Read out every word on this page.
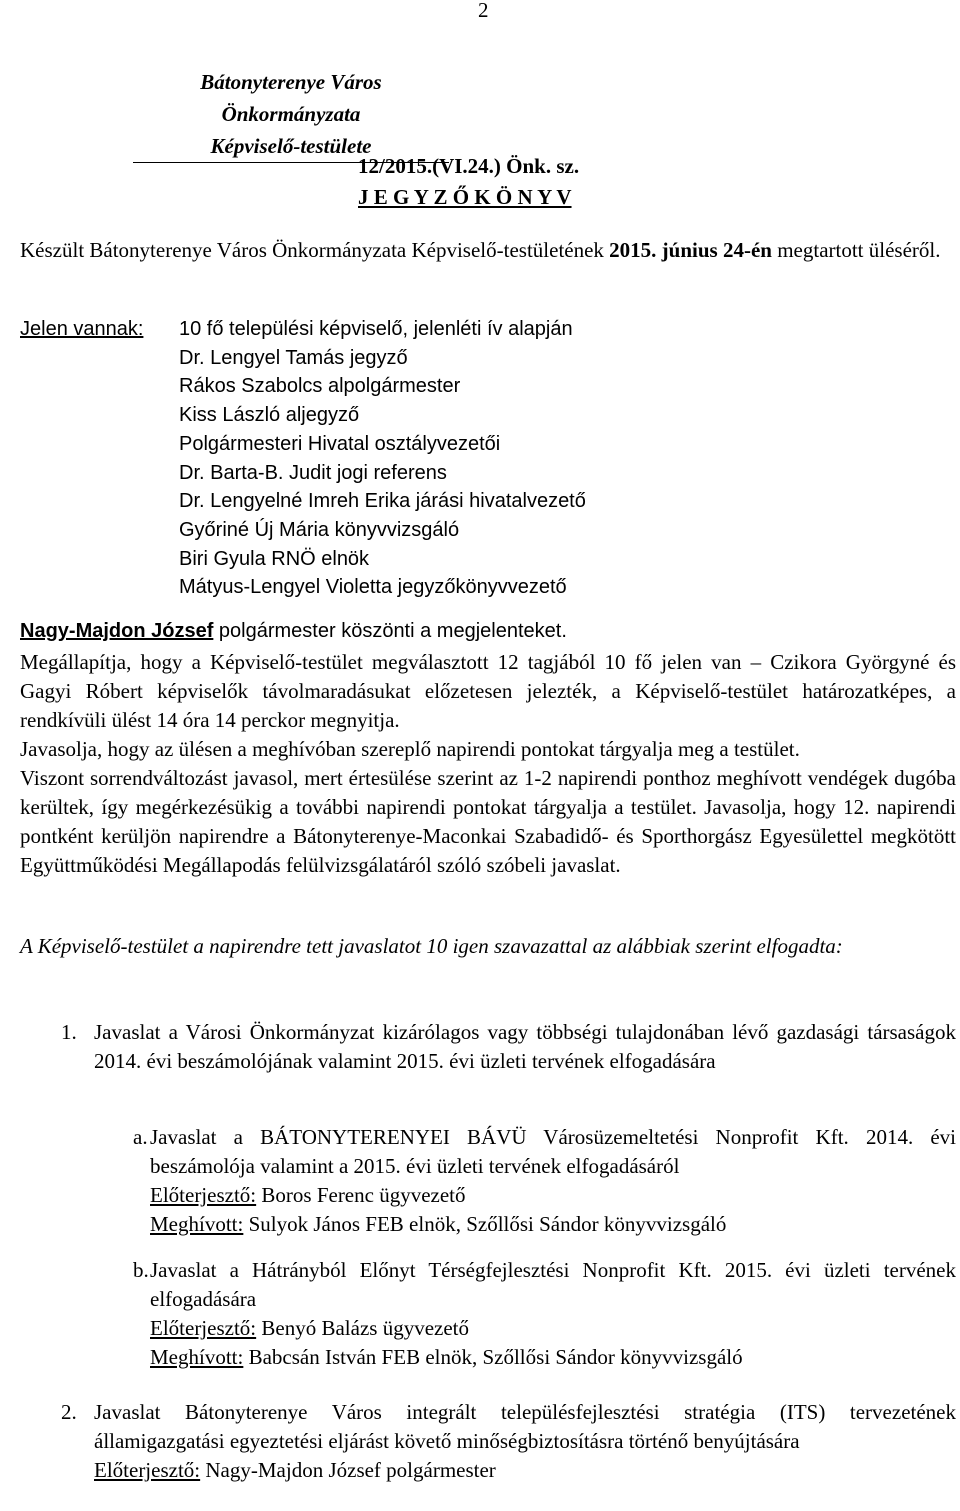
2
Bátonyterenye Város Önkormányzata
Képviselő-testülete
12/2015.(VI.24.) Önk. sz.
J E G Y Z Ő K Ö N Y V
Készült Bátonyterenye Város Önkormányzata Képviselő-testületének 2015. június 24-én megtartott üléséről.
Jelen vannak: 10 fő települési képviselő, jelenléti ív alapján
Dr. Lengyel Tamás jegyző
Rákos Szabolcs alpolgármester
Kiss László aljegyző
Polgármesteri Hivatal osztályvezetői
Dr. Barta-B. Judit jogi referens
Dr. Lengyelné Imreh Erika járási hivatalvezető
Győriné Új Mária könyvvizsgáló
Biri Gyula RNÖ elnök
Mátyus-Lengyel Violetta jegyzőkönyvvezető
Nagy-Majdon József polgármester köszönti a megjelenteket.
Megállapítja, hogy a Képviselő-testület megválasztott 12 tagjából 10 fő jelen van – Czikora Györgyné és Gagyi Róbert képviselők távolmaradásukat előzetesen jelezték, a Képviselő-testület határozatképes, a rendkívüli ülést 14 óra 14 perckor megnyitja.
Javasolja, hogy az ülésen a meghívóban szereplő napirendi pontokat tárgyalja meg a testület.
Viszont sorrendváltozást javasol, mert értesülése szerint az 1-2 napirendi ponthoz meghívott vendégek dugóba kerültek, így megérkezésükig a további napirendi pontokat tárgyalja a testület. Javasolja, hogy 12. napirendi pontként kerüljön napirendre a Bátonyterenye-Maconkai Szabadidő- és Sporthorgász Egyesülettel megkötött Együttműködési Megállapodás felülvizsgálatáról szóló szóbeli javaslat.
A Képviselő-testület a napirendre tett javaslatot 10 igen szavazattal az alábbiak szerint elfogadta:
1. Javaslat a Városi Önkormányzat kizárólagos vagy többségi tulajdonában lévő gazdasági társaságok 2014. évi beszámolójának valamint 2015. évi üzleti tervének elfogadására
a. Javaslat a BÁTONYTERENYEI BÁVÜ Városüzemeltetési Nonprofit Kft. 2014. évi beszámolója valamint a 2015. évi üzleti tervének elfogadásáról
Előterjesztő: Boros Ferenc ügyvezető
Meghívott: Sulyok János FEB elnök, Szőllősi Sándor könyvvizsgáló
b. Javaslat a Hátrányból Előnyt Térségfejlesztési Nonprofit Kft. 2015. évi üzleti tervének elfogadására
Előterjesztő: Benyó Balázs ügyvezető
Meghívott: Babcsán István FEB elnök, Szőllősi Sándor könyvvizsgáló
2. Javaslat Bátonyterenye Város integrált településfejlesztési stratégia (ITS) tervezetének államigazgatási egyeztetési eljárást követő minőségbiztosításra történő benyújtására
Előterjesztő: Nagy-Majdon József polgármester
